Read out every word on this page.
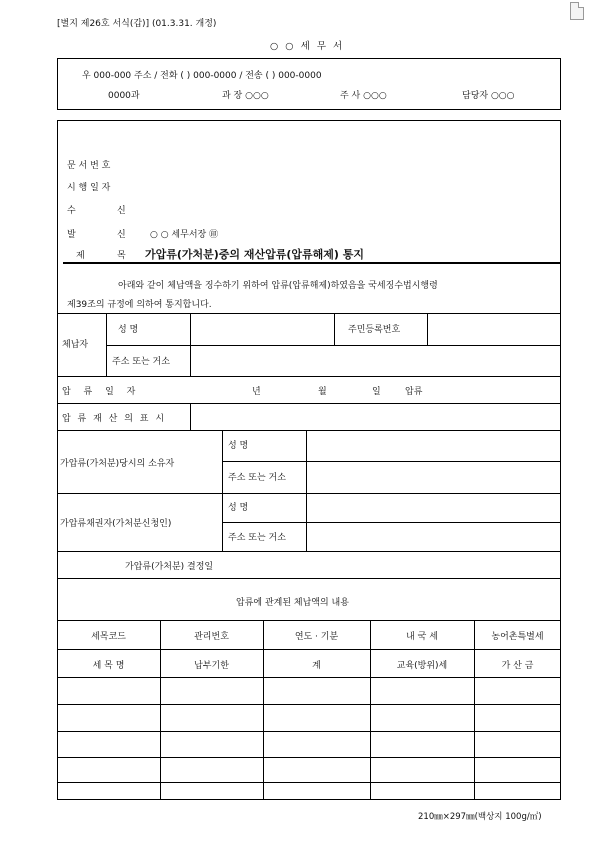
[별지 제26호 서식(갑)] (01.3.31. 개정)
○ ○ 세 무 서
우 000-000 주소 / 전화 ( ) 000-0000 / 전송 ( ) 000-0000
0000과	과 장 ○○○	주 사 ○○○	담당자 ○○○
문 서 번 호
시 행 일 자
수	신
발	신	○ ○ 세무서장 ㊞
제	목 가압류(가처분)중의 재산압류(압류해제) 통지
아래와 같이 체납액을 징수하기 위하여 압류(압류해제)하였음을 국세징수법시행령
제39조의 규정에 의하여 통지합니다.
체납자
성 명	주민등록번호
주소 또는 거소
압 류 일 자	년	월	일	압류
압 류 재 산 의 표 시
가압류(가처분)당시의 소유자
성 명
주소 또는 거소
가압류채권자(가처분신청인)
성 명
주소 또는 거소
가압류(가처분) 결정일
압류에 관계된 체납액의 내용
세목코드	관리번호	연도 · 기분	내 국 세	농어촌특별세
세 목 명	납부기한	계	교육(방위)세	가 산 금
210㎜×297㎜(백상지 100g/㎡)
